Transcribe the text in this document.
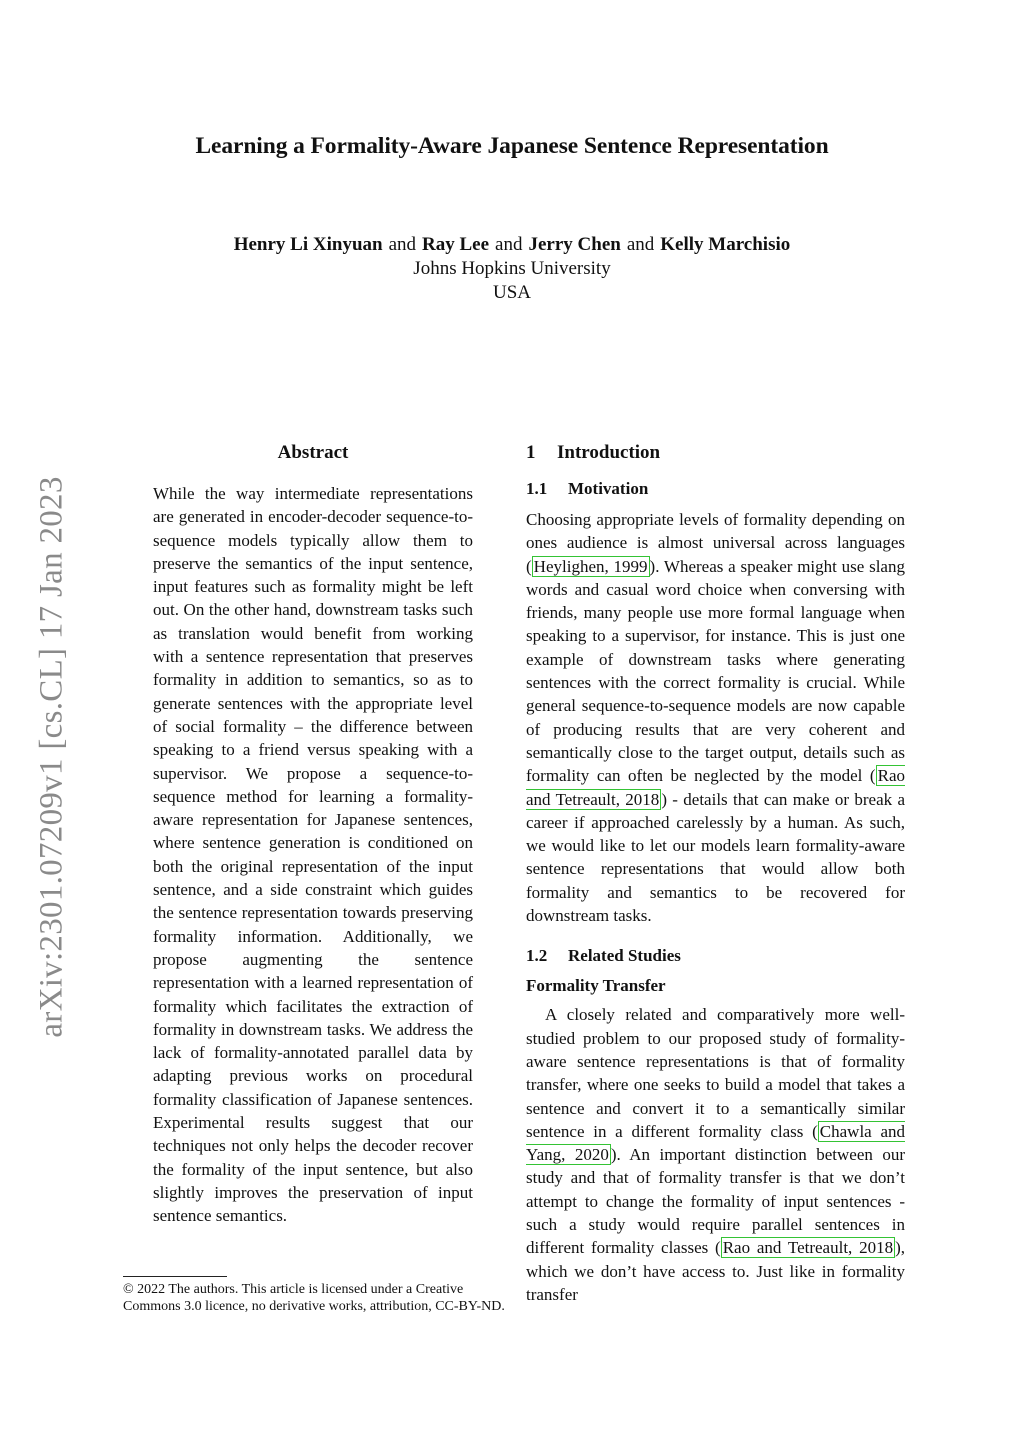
Learning a Formality-Aware Japanese Sentence Representation
Henry Li Xinyuan and Ray Lee and Jerry Chen and Kelly Marchisio
Johns Hopkins University
USA
arXiv:2301.07209v1 [cs.CL] 17 Jan 2023
Abstract
While the way intermediate representations are generated in encoder-decoder sequence-to-sequence models typically allow them to preserve the semantics of the input sentence, input features such as formality might be left out. On the other hand, downstream tasks such as translation would benefit from working with a sentence representation that preserves formality in addition to semantics, so as to generate sentences with the appropriate level of social formality – the difference between speaking to a friend versus speaking with a supervisor. We propose a sequence-to-sequence method for learning a formality-aware representation for Japanese sentences, where sentence generation is conditioned on both the original representation of the input sentence, and a side constraint which guides the sentence representation towards preserving formality information. Additionally, we propose augmenting the sentence representation with a learned representation of formality which facilitates the extraction of formality in downstream tasks. We address the lack of formality-annotated parallel data by adapting previous works on procedural formality classification of Japanese sentences. Experimental results suggest that our techniques not only helps the decoder recover the formality of the input sentence, but also slightly improves the preservation of input sentence semantics.
© 2022 The authors. This article is licensed under a Creative Commons 3.0 licence, no derivative works, attribution, CC-BY-ND.
1 Introduction
1.1 Motivation
Choosing appropriate levels of formality depending on ones audience is almost universal across languages ( Heylighen, 1999 ). Whereas a speaker might use slang words and casual word choice when conversing with friends, many people use more formal language when speaking to a supervisor, for instance. This is just one example of downstream tasks where generating sentences with the correct formality is crucial. While general sequence-to-sequence models are now capable of producing results that are very coherent and semantically close to the target output, details such as formality can often be neglected by the model ( Rao and Tetreault, 2018 ) - details that can make or break a career if approached carelessly by a human. As such, we would like to let our models learn formality-aware sentence representations that would allow both formality and semantics to be recovered for downstream tasks.
1.2 Related Studies
Formality Transfer
A closely related and comparatively more well-studied problem to our proposed study of formality-aware sentence representations is that of formality transfer, where one seeks to build a model that takes a sentence and convert it to a semantically similar sentence in a different formality class ( Chawla and Yang, 2020 ). An important distinction between our study and that of formality transfer is that we don’t attempt to change the formality of input sentences - such a study would require parallel sentences in different formality classes ( Rao and Tetreault, 2018 ), which we don’t have access to. Just like in formality transfer
